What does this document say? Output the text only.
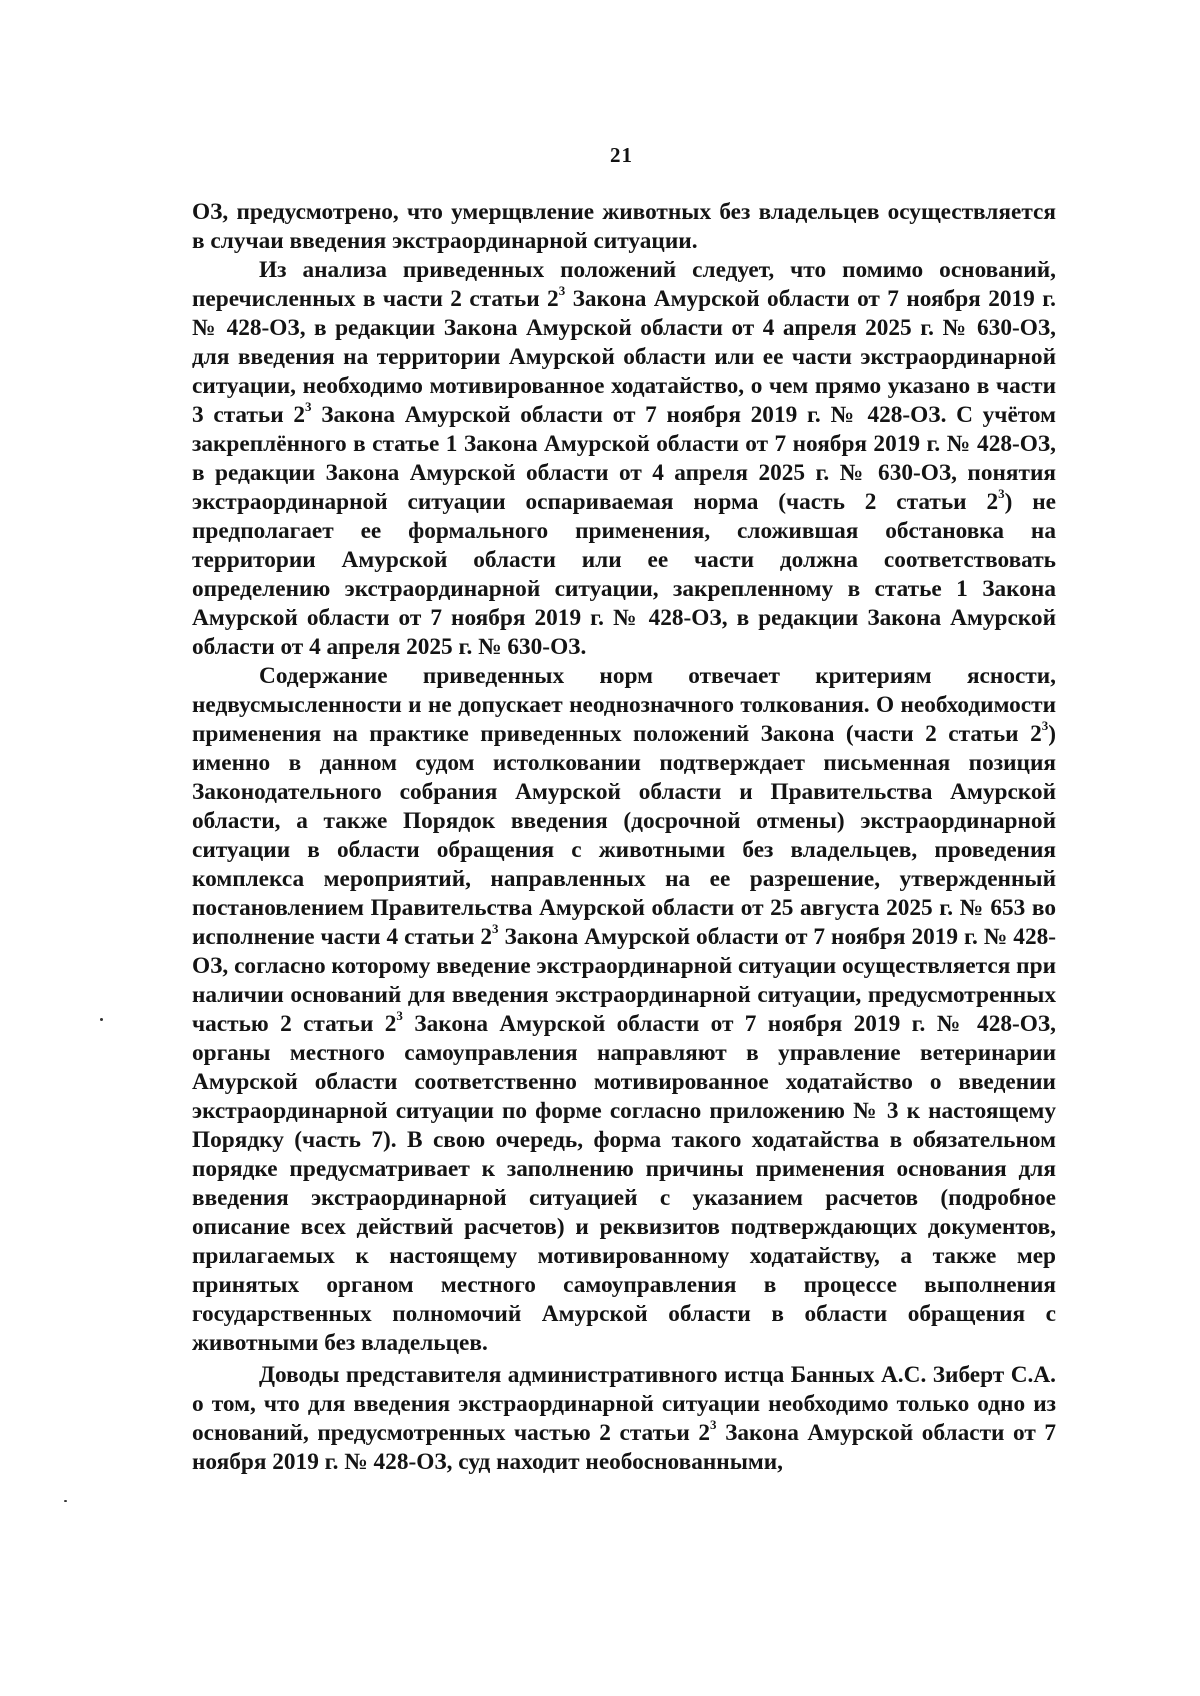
21

ОЗ, предусмотрено, что умерщвление животных без владельцев осуществляется в случаи введения экстраординарной ситуации.

Из анализа приведенных положений следует, что помимо оснований, перечисленных в части 2 статьи $2^3$ Закона Амурской области от 7 ноября 2019 г. № 428-ОЗ, в редакции Закона Амурской области от 4 апреля 2025 г. № 630-ОЗ, для введения на территории Амурской области или ее части экстраординарной ситуации, необходимо мотивированное ходатайство, о чем прямо указано в части 3 статьи $2^3$ Закона Амурской области от 7 ноября 2019 г. № 428-ОЗ. С учётом закреплённого в статье 1 Закона Амурской области от 7 ноября 2019 г. № 428-ОЗ, в редакции Закона Амурской области от 4 апреля 2025 г. № 630-ОЗ, понятия экстраординарной ситуации оспариваемая норма (часть 2 статьи $2^3$) не предполагает ее формального применения, сложившая обстановка на территории Амурской области или ее части должна соответствовать определению экстраординарной ситуации, закрепленному в статье 1 Закона Амурской области от 7 ноября 2019 г. № 428-ОЗ, в редакции Закона Амурской области от 4 апреля 2025 г. № 630-ОЗ.

Содержание приведенных норм отвечает критериям ясности, недвусмысленности и не допускает неоднозначного толкования. О необходимости применения на практике приведенных положений Закона (части 2 статьи $2^3$) именно в данном судом истолковании подтверждает письменная позиция Законодательного собрания Амурской области и Правительства Амурской области, а также Порядок введения (досрочной отмены) экстраординарной ситуации в области обращения с животными без владельцев, проведения комплекса мероприятий, направленных на ее разрешение, утвержденный постановлением Правительства Амурской области от 25 августа 2025 г. № 653 во исполнение части 4 статьи $2^3$ Закона Амурской области от 7 ноября 2019 г. № 428-ОЗ, согласно которому введение экстраординарной ситуации осуществляется при наличии оснований для введения экстраординарной ситуации, предусмотренных частью 2 статьи $2^3$ Закона Амурской области от 7 ноября 2019 г. № 428-ОЗ, органы местного самоуправления направляют в управление ветеринарии Амурской области соответственно мотивированное ходатайство о введении экстраординарной ситуации по форме согласно приложению № 3 к настоящему Порядку (часть 7). В свою очередь, форма такого ходатайства в обязательном порядке предусматривает к заполнению причины применения основания для введения экстраординарной ситуацией с указанием расчетов (подробное описание всех действий расчетов) и реквизитов подтверждающих документов, прилагаемых к настоящему мотивированному ходатайству, а также мер принятых органом местного самоуправления в процессе выполнения государственных полномочий Амурской области в области обращения с животными без владельцев.

Доводы представителя административного истца Банных А.С. Зиберт С.А. о том, что для введения экстраординарной ситуации необходимо только одно из оснований, предусмотренных частью 2 статьи $2^3$ Закона Амурской области от 7 ноября 2019 г. № 428-ОЗ, суд находит необоснованными,
